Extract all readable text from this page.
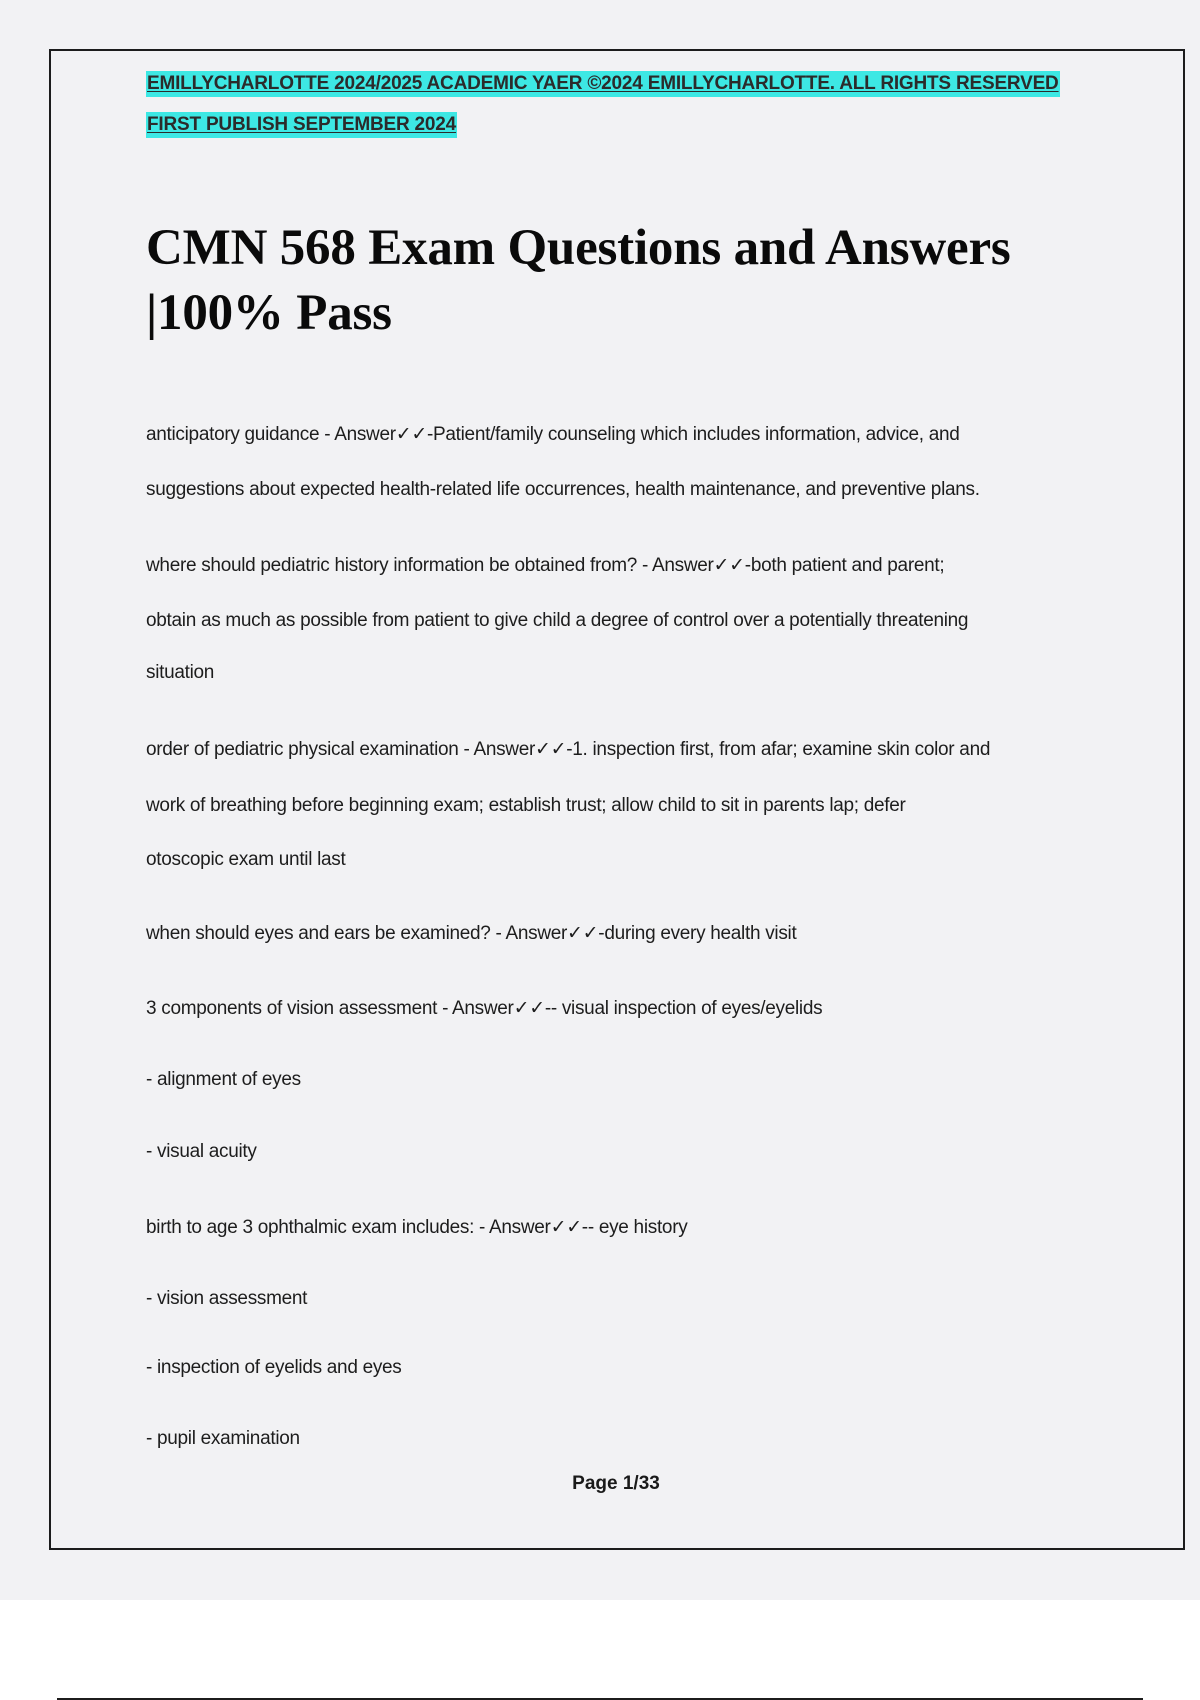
EMILLYCHARLOTTE 2024/2025 ACADEMIC YAER ©2024 EMILLYCHARLOTTE. ALL RIGHTS RESERVED
FIRST PUBLISH SEPTEMBER 2024
CMN 568 Exam Questions and Answers
|100% Pass
anticipatory guidance - Answer✓✓-Patient/family counseling which includes information, advice, and
suggestions about expected health-related life occurrences, health maintenance, and preventive plans.
where should pediatric history information be obtained from? - Answer✓✓-both patient and parent;
obtain as much as possible from patient to give child a degree of control over a potentially threatening
situation
order of pediatric physical examination - Answer✓✓-1. inspection first, from afar; examine skin color and
work of breathing before beginning exam; establish trust; allow child to sit in parents lap; defer
otoscopic exam until last
when should eyes and ears be examined? - Answer✓✓-during every health visit
3 components of vision assessment - Answer✓✓-- visual inspection of eyes/eyelids
- alignment of eyes
- visual acuity
birth to age 3 ophthalmic exam includes: - Answer✓✓-- eye history
- vision assessment
- inspection of eyelids and eyes
- pupil examination
Page 1/33
